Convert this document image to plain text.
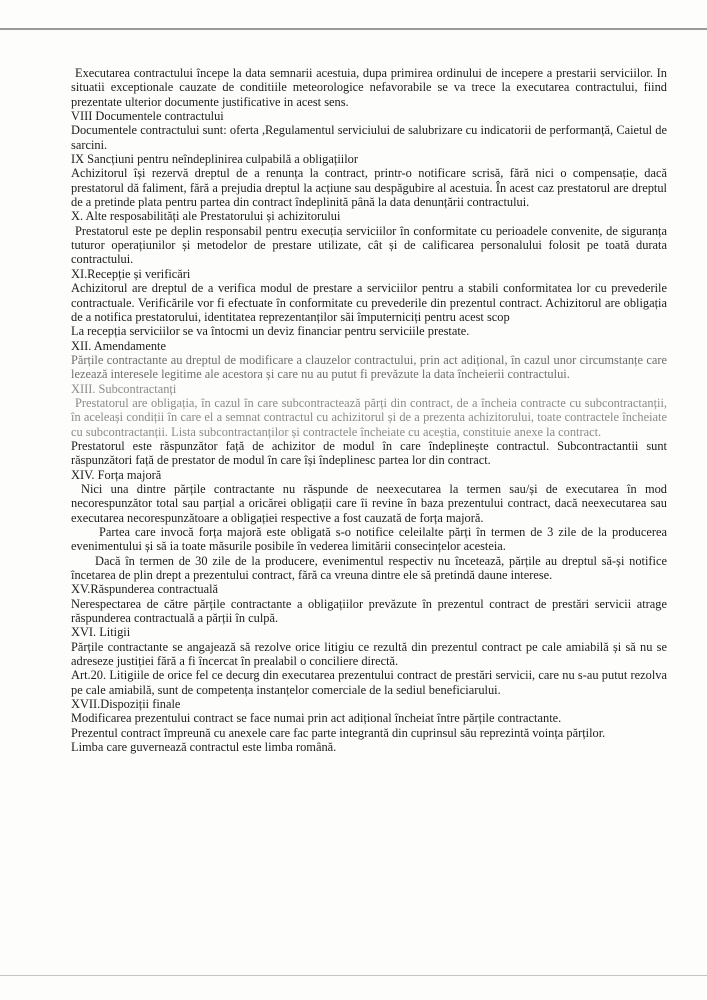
Executarea contractului începe la data semnarii acestuia, dupa primirea ordinului de incepere a prestarii serviciilor. In situatii exceptionale cauzate de conditiile meteorologice nefavorabile se va trece la executarea contractului, fiind prezentate ulterior documente justificative in acest sens.

VIII Documentele contractului

Documentele contractului sunt: oferta ,Regulamentul serviciului de salubrizare cu indicatorii de performanță, Caietul de sarcini.

IX Sancțiuni pentru neîndeplinirea culpabilă a obligațiilor

Achizitorul își rezervă dreptul de a renunța la contract, printr-o notificare scrisă, fără nici o compensație, dacă prestatorul dă faliment, fără a prejudia dreptul la acțiune sau despăgubire al acestuia. În acest caz prestatorul are dreptul de a pretinde plata pentru partea din contract îndeplinită până la data denunțării contractului.

X. Alte resposabilități ale Prestatorului și achizitorului

Prestatorul este pe deplin responsabil pentru execuția serviciilor în conformitate cu perioadele convenite, de siguranța tuturor operațiunilor și metodelor de prestare utilizate, cât și de calificarea personalului folosit pe toată durata contractului.

XI.Recepție și verificări

Achizitorul are dreptul de a verifica modul de prestare a serviciilor pentru a stabili conformitatea lor cu prevederile contractuale. Verificările vor fi efectuate în conformitate cu prevederile din prezentul contract. Achizitorul are obligația de a notifica prestatorului, identitatea reprezentanților săi împuterniciți pentru acest scop

La recepția serviciilor se va întocmi un deviz financiar pentru serviciile prestate.

XII. Amendamente

Părțile contractante au dreptul de modificare a clauzelor contractului, prin act adițional, în cazul unor circumstanțe care lezează interesele legitime ale acestora și care nu au putut fi prevăzute la data încheierii contractului.

XIII. Subcontractanți

Prestatorul are obligația, în cazul în care subcontractează părți din contract, de a încheia contracte cu subcontractanții, în aceleași condiții în care el a semnat contractul cu achizitorul și de a prezenta achizitorului, toate contractele încheiate cu subcontractanții. Lista subcontractanților și contractele încheiate cu aceștia, constituie anexe la contract.

Prestatorul este răspunzător față de achizitor de modul în care îndeplinește contractul. Subcontractantii sunt răspunzători față de prestator de modul în care își îndeplinesc partea lor din contract.

XIV. Forța majoră

Nici una dintre părțile contractante nu răspunde de neexecutarea la termen sau/și de executarea în mod necorespunzător total sau parțial a oricărei obligații care îi revine în baza prezentului contract, dacă neexecutarea sau executarea necorespunzătoare a obligației respective a fost cauzată de forța majoră.

Partea care invocă forța majoră este obligată s-o notifice celeilalte părți în termen de 3 zile de la producerea evenimentului și să ia toate măsurile posibile în vederea limitării consecințelor acesteia.

Dacă în termen de 30 zile de la producere, evenimentul respectiv nu încetează, părțile au dreptul să-și notifice încetarea de plin drept a prezentului contract, fără ca vreuna dintre ele să pretindă daune interese.

XV.Răspunderea contractuală

Nerespectarea de către părțile contractante a obligațiilor prevăzute în prezentul contract de prestări servicii atrage răspunderea contractuală a părții în culpă.

XVI. Litigii

Părțile contractante se angajează să rezolve orice litigiu ce rezultă din prezentul contract pe cale amiabilă și să nu se adreseze justiției fără a fi încercat în prealabil o conciliere directă.

Art.20. Litigiile de orice fel ce decurg din executarea prezentului contract de prestări servicii, care nu s-au putut rezolva pe cale amiabilă, sunt de competența instanțelor comerciale de la sediul beneficiarului.

XVII.Dispoziții finale

Modificarea prezentului contract se face numai prin act adițional încheiat între părțile contractante.

Prezentul contract împreună cu anexele care fac parte integrantă din cuprinsul său reprezintă voința părților.

Limba care guvernează contractul este limba română.
